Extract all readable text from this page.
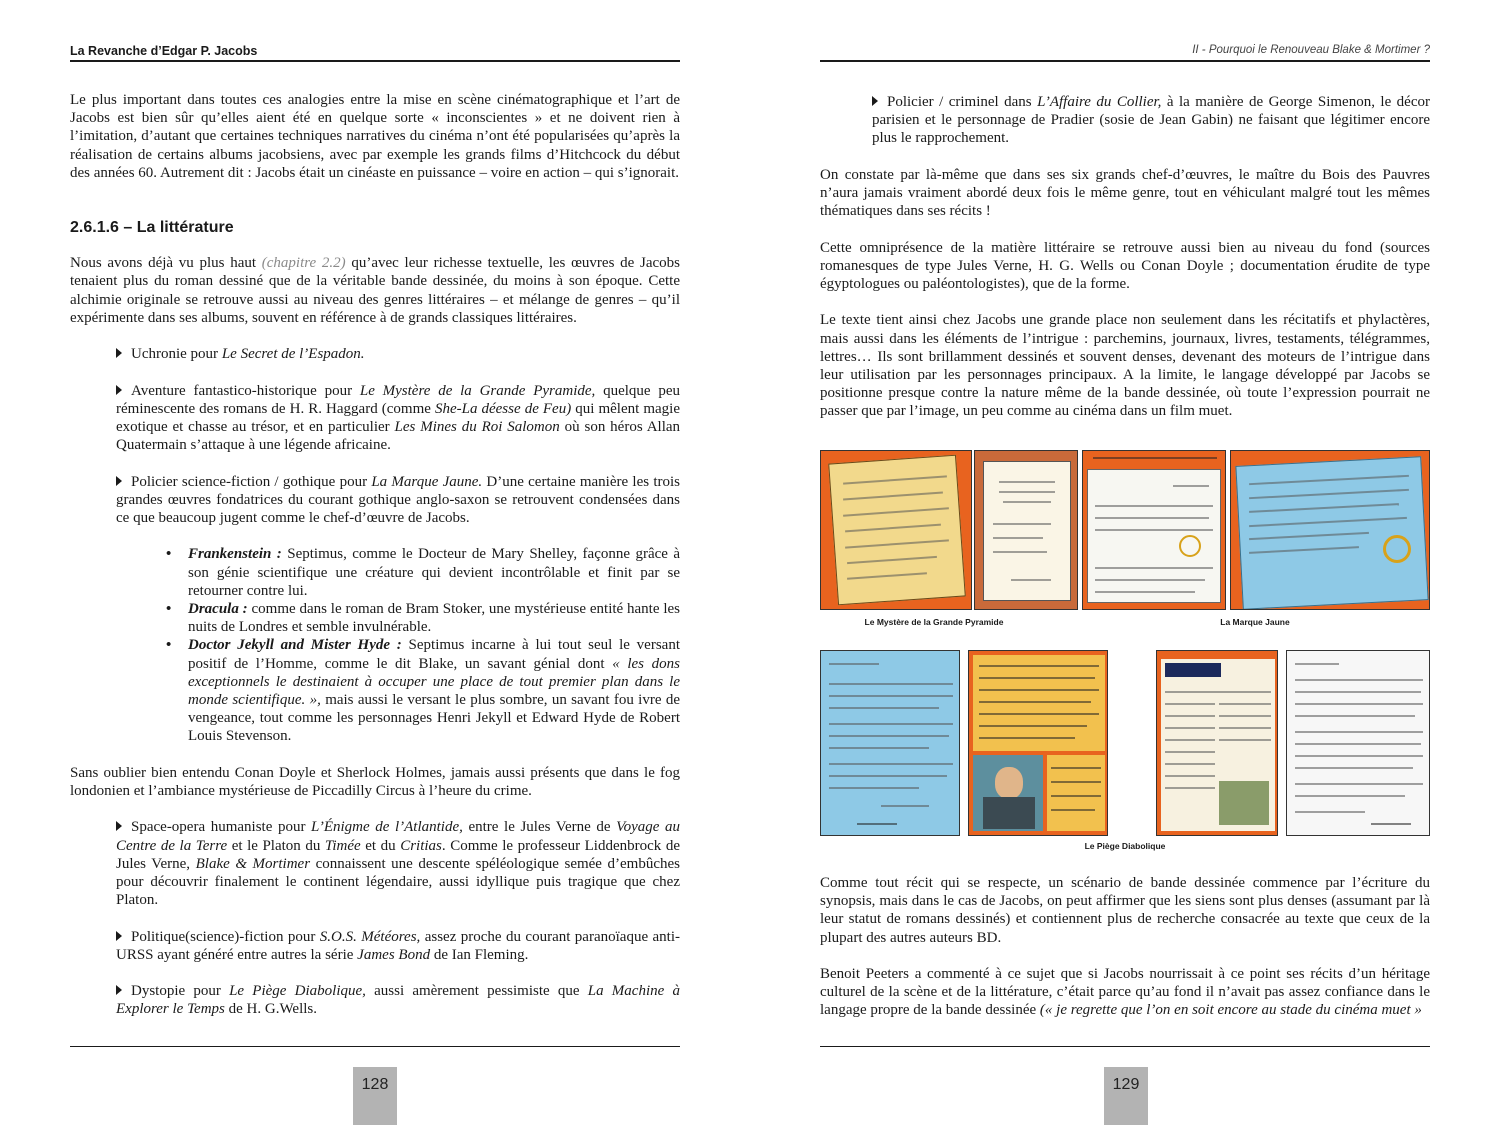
La Revanche d’Edgar P. Jacobs
Le plus important dans toutes ces analogies entre la mise en scène cinématographique et l’art de Jacobs est bien sûr qu’elles aient été en quelque sorte « inconscientes » et ne doivent rien à l’imitation, d’autant que certaines techniques narratives du cinéma n’ont été popularisées qu’après la réalisation de certains albums jacobsiens, avec par exemple les grands films d’Hitchcock du début des années 60. Autrement dit : Jacobs était un cinéaste en puissance – voire en action – qui s’ignorait.
2.6.1.6 – La littérature
Nous avons déjà vu plus haut (chapitre 2.2) qu’avec leur richesse textuelle, les œuvres de Jacobs tenaient plus du roman dessiné que de la véritable bande dessinée, du moins à son époque. Cette alchimie originale se retrouve aussi au niveau des genres littéraires – et mélange de genres – qu’il expérimente dans ses albums, souvent en référence à de grands classiques littéraires.
Uchronie pour Le Secret de l’Espadon.
Aventure fantastico-historique pour Le Mystère de la Grande Pyramide, quelque peu réminescente des romans de H. R. Haggard (comme She-La déesse de Feu) qui mêlent magie exotique et chasse au trésor, et en particulier Les Mines du Roi Salomon où son héros Allan Quatermain s’attaque à une légende africaine.
Policier science-fiction / gothique pour La Marque Jaune. D’une certaine manière les trois grandes œuvres fondatrices du courant gothique anglo-saxon se retrouvent condensées dans ce que beaucoup jugent comme le chef-d’œuvre de Jacobs.
• Frankenstein : Septimus, comme le Docteur de Mary Shelley, façonne grâce à son génie scientifique une créature qui devient incontrôlable et finit par se retourner contre lui.
• Dracula : comme dans le roman de Bram Stoker, une mystérieuse entité hante les nuits de Londres et semble invulnérable.
• Doctor Jekyll and Mister Hyde : Septimus incarne à lui tout seul le versant positif de l’Homme, comme le dit Blake, un savant génial dont « les dons exceptionnels le destinaient à occuper une place de tout premier plan dans le monde scientifique. », mais aussi le versant le plus sombre, un savant fou ivre de vengeance, tout comme les personnages Henri Jekyll et Edward Hyde de Robert Louis Stevenson.
Sans oublier bien entendu Conan Doyle et Sherlock Holmes, jamais aussi présents que dans le fog londonien et l’ambiance mystérieuse de Piccadilly Circus à l’heure du crime.
Space-opera humaniste pour L’Énigme de l’Atlantide, entre le Jules Verne de Voyage au Centre de la Terre et le Platon du Timée et du Critias. Comme le professeur Liddenbrock de Jules Verne, Blake & Mortimer connaissent une descente spéléologique semée d’embûches pour découvrir finalement le continent légendaire, aussi idyllique puis tragique que chez Platon.
Politique(science)-fiction pour S.O.S. Météores, assez proche du courant paranoïaque anti-URSS ayant généré entre autres la série James Bond de Ian Fleming.
Dystopie pour Le Piège Diabolique, aussi amèrement pessimiste que La Machine à Explorer le Temps de H. G.Wells.
128
II - Pourquoi le Renouveau Blake & Mortimer ?
Policier / criminel dans L’Affaire du Collier, à la manière de George Simenon, le décor parisien et le personnage de Pradier (sosie de Jean Gabin) ne faisant que légitimer encore plus le rapprochement.
On constate par là-même que dans ses six grands chef-d’œuvres, le maître du Bois des Pauvres n’aura jamais vraiment abordé deux fois le même genre, tout en véhiculant malgré tout les mêmes thématiques dans ses récits !
Cette omniprésence de la matière littéraire se retrouve aussi bien au niveau du fond (sources romanesques de type Jules Verne, H. G. Wells ou Conan Doyle ; documentation érudite de type égyptologues ou paléontologistes), que de la forme.
Le texte tient ainsi chez Jacobs une grande place non seulement dans les récitatifs et phylactères, mais aussi dans les éléments de l’intrigue : parchemins, journaux, livres, testaments, télégrammes, lettres… Ils sont brillamment dessinés et souvent denses, devenant des moteurs de l’intrigue dans leur utilisation par les personnages principaux. A la limite, le langage développé par Jacobs se positionne presque contre la nature même de la bande dessinée, où toute l’expression pourrait ne passer que par l’image, un peu comme au cinéma dans un film muet.
Le Mystère de la Grande Pyramide	La Marque Jaune
Le Piège Diabolique
Comme tout récit qui se respecte, un scénario de bande dessinée commence par l’écriture du synopsis, mais dans le cas de Jacobs, on peut affirmer que les siens sont plus denses (assumant par là leur statut de romans dessinés) et contiennent plus de recherche consacrée au texte que ceux de la plupart des autres auteurs BD.
Benoit Peeters a commenté à ce sujet que si Jacobs nourrissait à ce point ses récits d’un héritage culturel de la scène et de la littérature, c’était parce qu’au fond il n’avait pas assez confiance dans le langage propre de la bande dessinée (« je regrette que l’on en soit encore au stade du cinéma muet »
129
